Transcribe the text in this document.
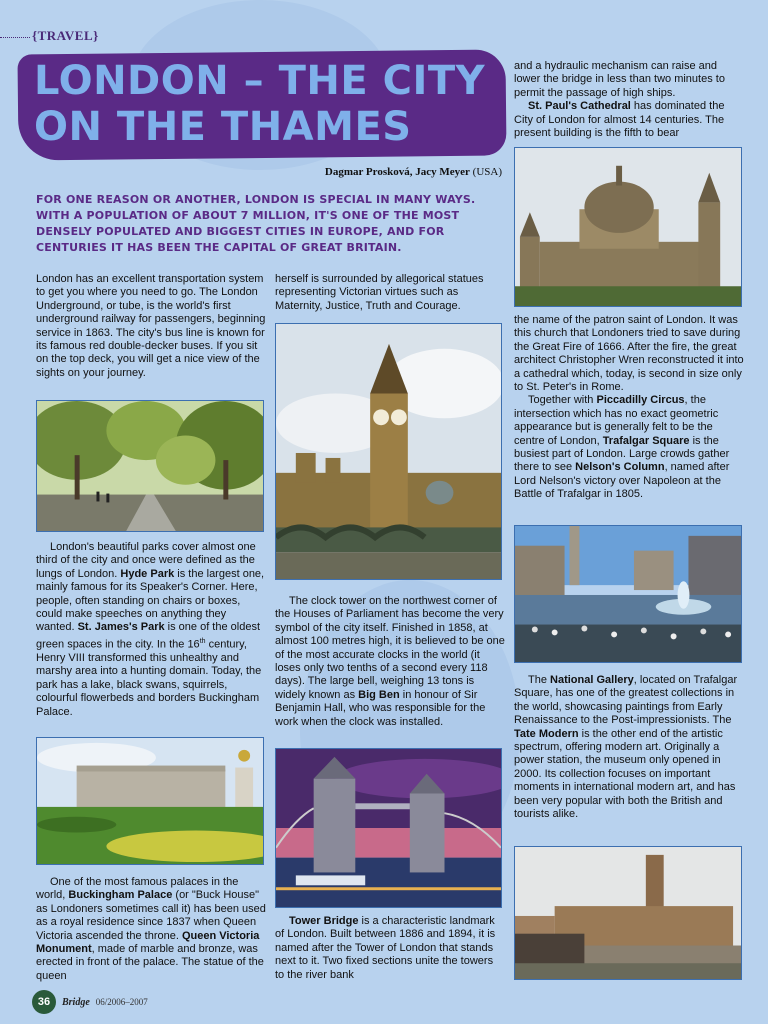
{TRAVEL}
LONDON – THE CITY ON THE THAMES
Dagmar Prosková, Jacy Meyer (USA)

FOR ONE REASON OR ANOTHER, LONDON IS SPECIAL IN MANY WAYS. WITH A POPULATION OF ABOUT 7 MILLION, IT'S ONE OF THE MOST DENSELY POPULATED AND BIGGEST CITIES IN EUROPE, AND FOR CENTURIES IT HAS BEEN THE CAPITAL OF GREAT BRITAIN.

London has an excellent transportation system to get you where you need to go. The London Underground, or tube, is the world's first underground railway for passengers, beginning service in 1863. The city's bus line is known for its famous red double-decker buses. If you sit on the top deck, you will get a nice view of the sights on your journey.

London's beautiful parks cover almost one third of the city and once were defined as the lungs of London. Hyde Park is the largest one, mainly famous for its Speaker's Corner. Here, people, often standing on chairs or boxes, could make speeches on anything they wanted. St. James's Park is one of the oldest green spaces in the city. In the 16th century, Henry VIII transformed this unhealthy and marshy area into a hunting domain. Today, the park has a lake, black swans, squirrels, colourful flowerbeds and borders Buckingham Palace.

One of the most famous palaces in the world, Buckingham Palace (or "Buck House" as Londoners sometimes call it) has been used as a royal residence since 1837 when Queen Victoria ascended the throne. Queen Victoria Monument, made of marble and bronze, was erected in front of the palace. The statue of the queen

herself is surrounded by allegorical statues representing Victorian virtues such as Maternity, Justice, Truth and Courage.

The clock tower on the northwest corner of the Houses of Parliament has become the very symbol of the city itself. Finished in 1858, at almost 100 metres high, it is believed to be one of the most accurate clocks in the world (it loses only two tenths of a second every 118 days). The large bell, weighing 13 tons is widely known as Big Ben in honour of Sir Benjamin Hall, who was responsible for the work when the clock was installed.

Tower Bridge is a characteristic landmark of London. Built between 1886 and 1894, it is named after the Tower of London that stands next to it. Two fixed sections unite the towers to the river bank

and a hydraulic mechanism can raise and lower the bridge in less than two minutes to permit the passage of high ships.

St. Paul's Cathedral has dominated the City of London for almost 14 centuries. The present building is the fifth to bear

the name of the patron saint of London. It was this church that Londoners tried to save during the Great Fire of 1666. After the fire, the great architect Christopher Wren reconstructed it into a cathedral which, today, is second in size only to St. Peter's in Rome.

Together with Piccadilly Circus, the intersection which has no exact geometric appearance but is generally felt to be the centre of London, Trafalgar Square is the busiest part of London. Large crowds gather there to see Nelson's Column, named after Lord Nelson's victory over Napoleon at the Battle of Trafalgar in 1805.

The National Gallery, located on Trafalgar Square, has one of the greatest collections in the world, showcasing paintings from Early Renaissance to the Post-impressionists. The Tate Modern is the other end of the artistic spectrum, offering modern art. Originally a power station, the museum only opened in 2000. Its collection focuses on important moments in international modern art, and has been very popular with both the British and tourists alike.

36	Bridge 06/2006–2007
